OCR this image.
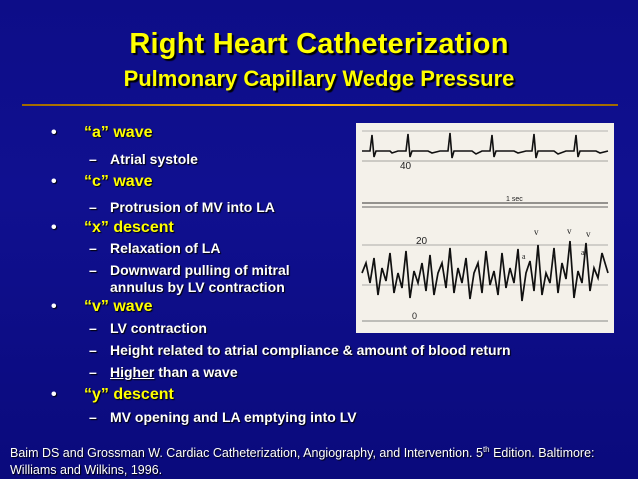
Right Heart Catheterization
Pulmonary Capillary Wedge Pressure
• “a” wave
– Atrial systole
• “c” wave
– Protrusion of MV into LA
• “x” descent
– Relaxation of LA
– Downward pulling of mitral
annulus by LV contraction
• “v” wave
– LV contraction
– Height related to atrial compliance & amount of blood return
– Higher than a wave
• “y” descent
– MV opening and LA emptying into LV
40
1 sec
20
0
v	v v
a	a	a
Baim DS and Grossman W. Cardiac Catheterization, Angiography, and Intervention. 5th Edition. Baltimore:
Williams and Wilkins, 1996.
